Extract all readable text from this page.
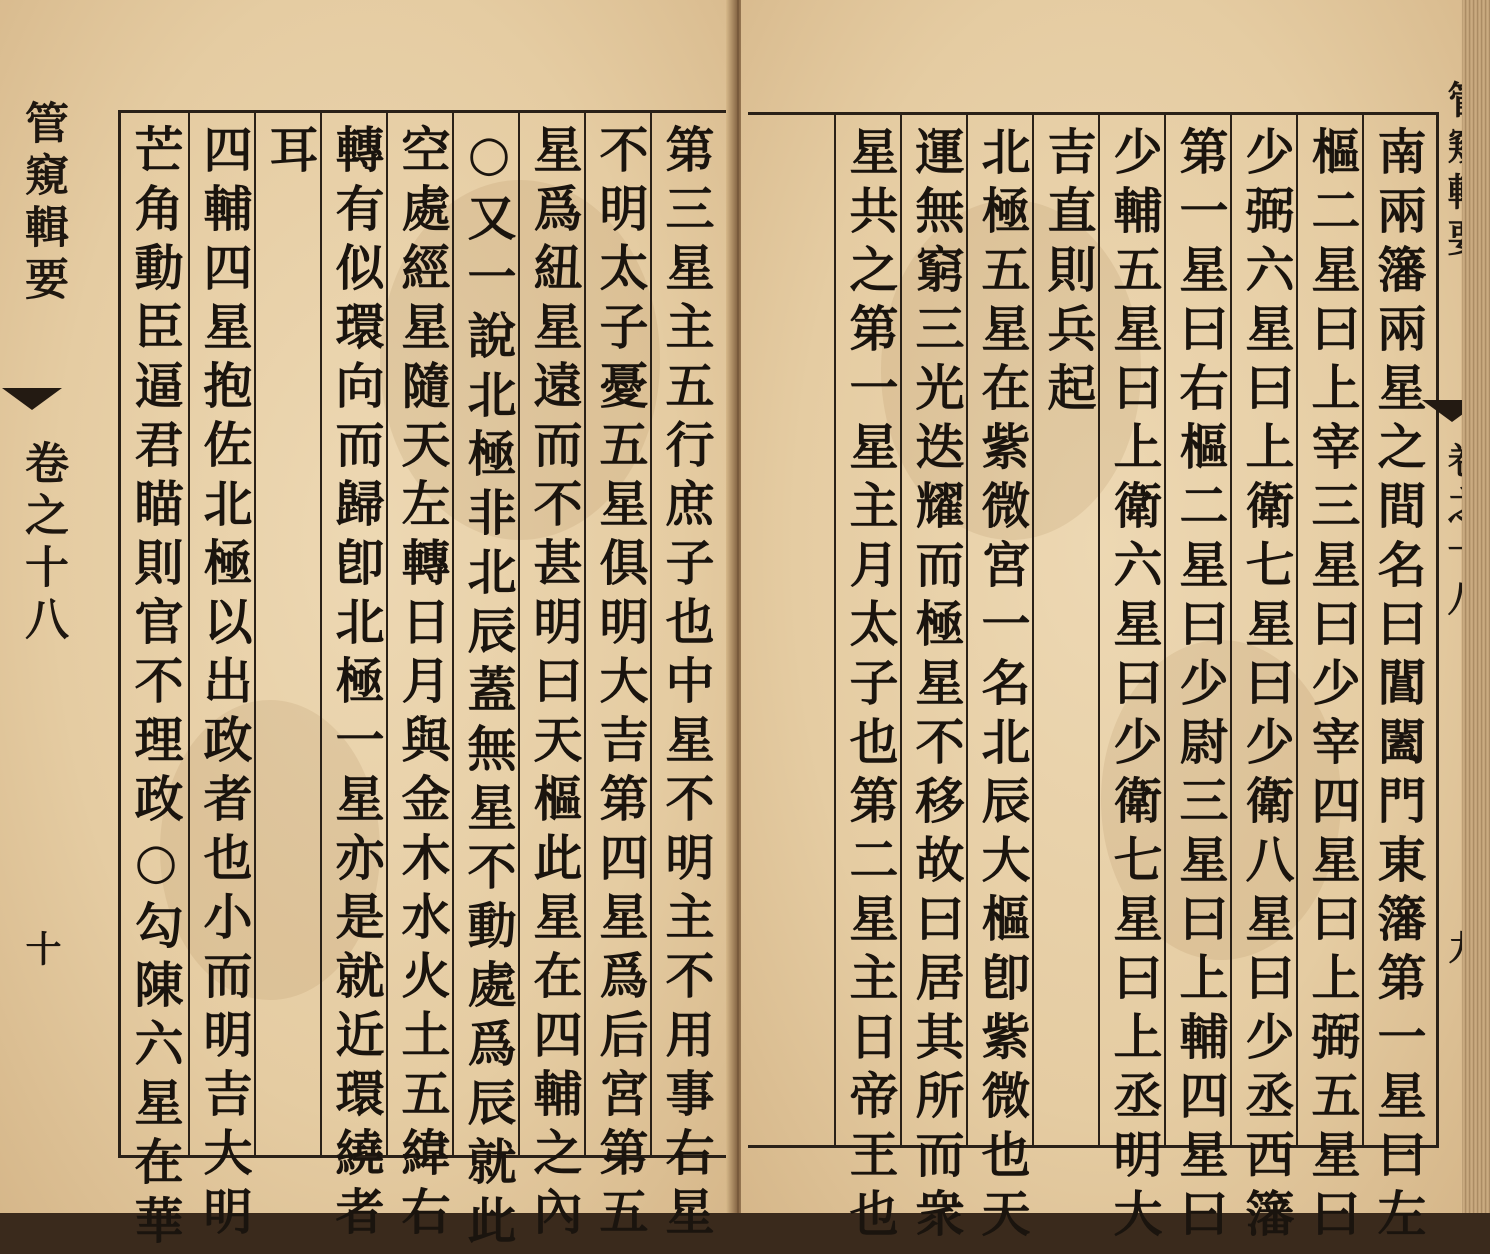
第三星主五行庶子也中星不明主不用事右星
不明太子憂五星俱明大吉第四星爲后宮第五
星爲紐星遠而不甚明曰天樞此星在四輔之內
○又一說北極非北辰蓋無星不動處爲辰就此
空處經星隨天左轉日月與金木水火土五緯右
轉有似環向而歸卽北極一星亦是就近環繞者
耳
四輔四星抱佐北極以出政者也小而明吉大明
芒角動臣逼君瞄則官不理政○勾陳六星在華
管窺輯要
卷之十八
十	南兩籓兩星之間名曰閶闔門東籓第一星曰左
樞二星曰上宰三星曰少宰四星曰上弼五星曰
少弼六星曰上衛七星曰少衛八星曰少丞西籓
第一星曰右樞二星曰少尉三星曰上輔四星曰
少輔五星曰上衛六星曰少衛七星曰上丞明大
吉直則兵起
北極五星在紫微宮一名北辰大樞卽紫微也天
運無窮三光迭耀而極星不移故曰居其所而衆
星共之第一星主月太子也第二星主日帝王也
